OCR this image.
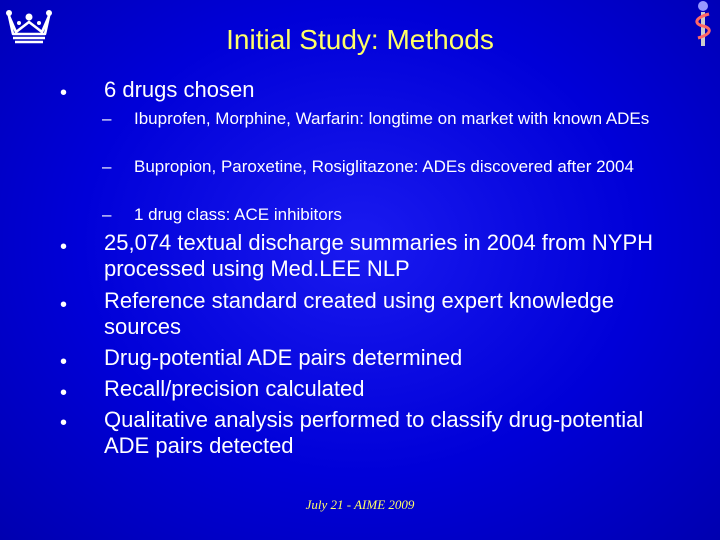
Initial Study: Methods
• 6 drugs chosen
– Ibuprofen, Morphine, Warfarin: longtime on market with known ADEs
– Bupropion, Paroxetine, Rosiglitazone: ADEs discovered after 2004
– 1 drug class: ACE inhibitors
• 25,074 textual discharge summaries in 2004 from NYPH processed using Med.LEE NLP
• Reference standard created using expert knowledge sources
• Drug-potential ADE pairs determined
• Recall/precision calculated
• Qualitative analysis performed to classify drug-potential ADE pairs detected
July 21 - AIME 2009
